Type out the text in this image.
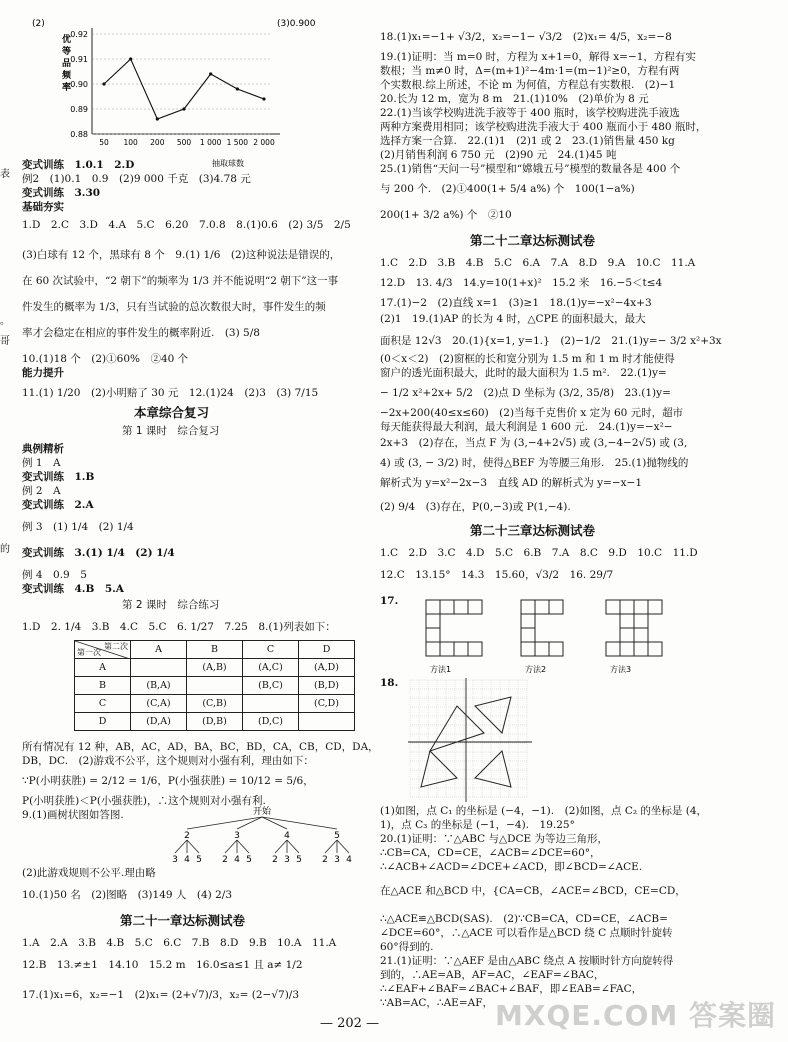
表
。
哥
的
(2)	(3)0.900
优
等
品
频
率
0.92
0.91
0.90
0.89
0.88
50 100 200 500 1 000 1 500 2 000
抽取球数
变式训练　1.0.1　2.D
例2　(1)0.1　0.9　(2)9 000 千克　(3)4.78 元
变式训练　3.30
基础夯实
1.D　2.C　3.D　4.A　5.C　6.20　7.0.8　8.(1)0.6　(2) 3/5　2/5
(3)白球有 12 个，黑球有 8 个　9.(1) 1/6　(2)这种说法是错误的，
在 60 次试验中，“2 朝下”的频率为 1/3 并不能说明“2 朝下”这一事
件发生的概率为 1/3，只有当试验的总次数很大时，事件发生的频
率才会稳定在相应的事件发生的概率附近.　(3) 5/8
10.(1)18 个　(2)①60%　②40 个
能力提升
11.(1) 1/20　(2)小明赔了 30 元　12.(1)24　(2)3　(3) 7/15
本章综合复习
第 1 课时　综合复习
典例精析
例 1　A
变式训练　1.B
例 2　A
变式训练　2.A
例 3　(1) 1/4　(2) 1/4
变式训练　3.(1) 1/4　(2) 1/4
例 4　0.9　5
变式训练　4.B　5.A
第 2 课时　综合练习
1.D　2. 1/4　3.B　4.C　5.C　6. 1/27　7.25　8.(1)列表如下：
第二次
第一次	A	B	C	D
A		(A,B)	(A,C)	(A,D)
B	(B,A)		(B,C)	(B,D)
C	(C,A)	(C,B)		(C,D)
D	(D,A)	(D,B)	(D,C)	
所有情况有 12 种，AB，AC，AD，BA，BC，BD，CA，CB，CD，DA，
DB，DC.　(2)游戏不公平，这个规则对小强有利，理由如下：
∵P(小明获胜) = 2/12 = 1/6，P(小强获胜) = 10/12 = 5/6，
P(小明获胜)＜P(小强获胜)，∴这个规则对小强有利.
9.(1)画树状图如答图.	开始
2
3 4 5
3
2 4 5
4
2 3 5
5
2 3 4
(2)此游戏规则不公平.理由略
10.(1)50 名　(2)图略　(3)149 人　(4) 2/3
第二十一章达标测试卷
1.A　2.A　3.B　4.B　5.C　6.C　7.B　8.D　9.B　10.A　11.A
12.B　13.≠±1　14.10　15.2 m　16.0≤a≤1 且 a≠ 1/2
17.(1)x₁=6，x₂=−1　(2)x₁= (2+√7)/3，x₂= (2−√7)/3
18.(1)x₁=−1+ √3/2，x₂=−1− √3/2　(2)x₁= 4/5，x₂=−8
19.(1)证明：当 m=0 时，方程为 x+1=0，解得 x=−1，方程有实
数根；当 m≠0 时，Δ=(m+1)²−4m·1=(m−1)²≥0，方程有两
个实数根.综上所述，不论 m 为何值，方程总有实数根.　(2)−1
20.长为 12 m，宽为 8 m　21.(1)10%　(2)单价为 8 元
22.(1)当该学校购进洗手液等于 400 瓶时，该学校购进洗手液选
两种方案费用相同；该学校购进洗手液大于 400 瓶而小于 480 瓶时，
选择方案一合算.　22.(1)1　(2)1 或 2　23.(1)销售量 450 kg
(2)月销售利润 6 750 元　(2)90 元　24.(1)45 吨
25.(1)销售“天问一号”模型和“嫦娥五号”模型的数量各是 400 个
与 200 个.　(2)①400(1+ 5/4 a%) 个　100(1−a%)
200(1+ 3/2 a%) 个　②10
第二十二章达标测试卷
1.C　2.D　3.B　4.B　5.C　6.A　7.A　8.D　9.A　10.C　11.A
12.D　13. 4/3　14.y=10(1+x)²　15.2 米　16.−5＜t≤4
17.(1)−2　(2)直线 x=1　(3)≥1　18.(1)y=−x²−4x+3
(2)1　19.(1)AP 的长为 4 时，△CPE 的面积最大，最大
面积是 12√3　20.(1){x=1, y=1.}　(2)−1/2　21.(1)y=− 3/2 x²+3x
(0＜x＜2)　(2)窗框的长和宽分别为 1.5 m 和 1 m 时才能使得
窗户的透光面积最大，此时的最大面积为 1.5 m².　22.(1)y=
− 1/2 x²+2x+ 5/2　(2)点 D 坐标为 (3/2, 35/8)　23.(1)y=
−2x+200(40≤x≤60)　(2)当每千克售价 x 定为 60 元时，超市
每天能获得最大利润，最大利润是 1 600 元.　24.(1)y=−x²−
2x+3　(2)存在，当点 F 为 (3,−4+2√5) 或 (3,−4−2√5) 或 (3,
4) 或 (3, − 3/2) 时，使得△BEF 为等腰三角形.　25.(1)抛物线的
解析式为 y=x²−2x−3　直线 AD 的解析式为 y=−x−1
(2) 9/4　(3)存在，P(0,−3)或 P(1,−4).
第二十三章达标测试卷
1.C　2.D　3.C　4.D　5.C　6.B　7.A　8.C　9.D　10.C　11.D
12.C　13.15°　14.3　15.60，√3/2　16. 29/7
17.
方法1	方法2	方法3
18.
(1)如图，点 C₁ 的坐标是 (−4，−1).　(2)如图，点 C₂ 的坐标是 (4，
1)，点 C₃ 的坐标是 (−1，−4).　19.25°
20.(1)证明：∵△ABC 与△DCE 为等边三角形，
∴CB=CA，CD=CE，∠ACB=∠DCE=60°，
∴∠ACB+∠ACD=∠DCE+∠ACD，即∠BCD=∠ACE.
在△ACE 和△BCD 中，{CA=CB，∠ACE=∠BCD，CE=CD，
∴△ACE≌△BCD(SAS).　(2)∵CB=CA，CD=CE，∠ACB=
∠DCE=60°，∴△ACE 可以看作是△BCD 绕 C 点顺时针旋转
60°得到的.
21.(1)证明：∵△AEF 是由△ABC 绕点 A 按顺时针方向旋转得
到的，∴AE=AB，AF=AC，∠EAF=∠BAC，
∴∠EAF+∠BAF=∠BAC+∠BAF，即∠EAB=∠FAC，
∵AB=AC，∴AE=AF，
— 202 —	MXQE.COM 答案圈
